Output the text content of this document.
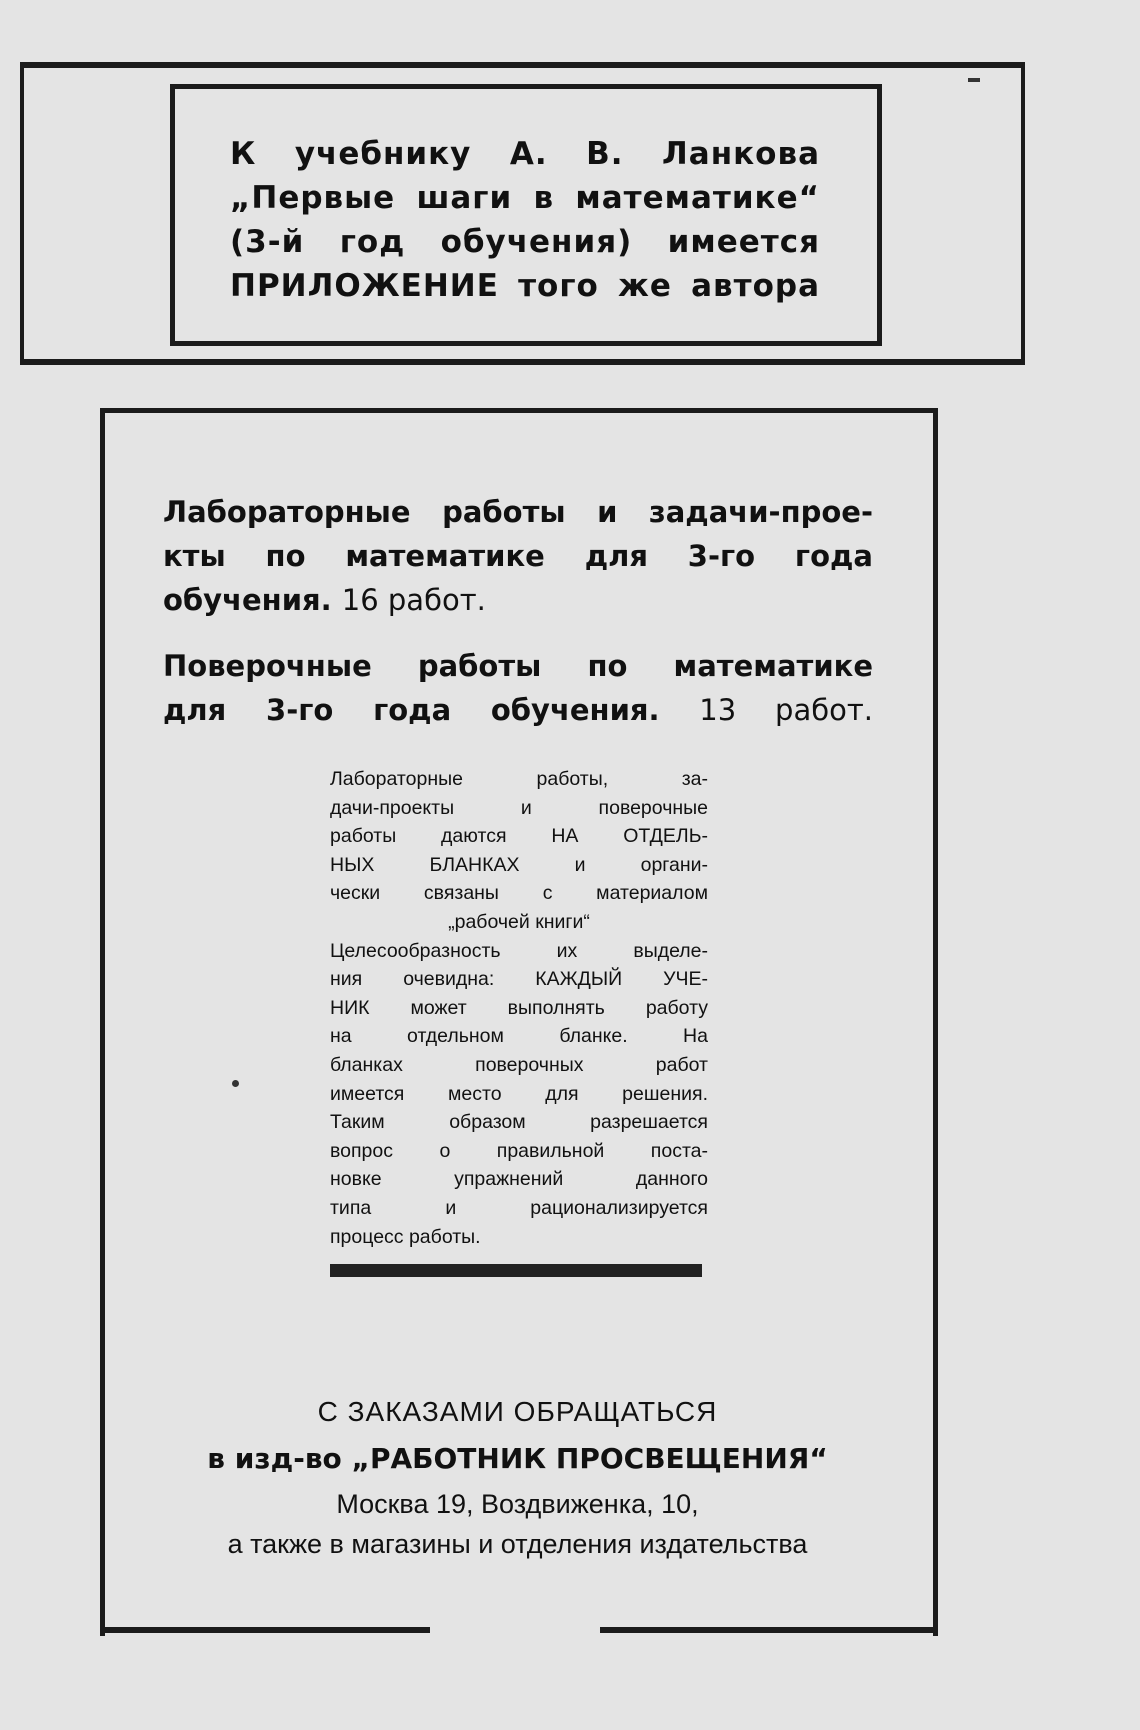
К учебнику А. В. Ланкова
„Первые шаги в математике“
(3-й год обучения) имеется
ПРИЛОЖЕНИЕ того же автора
Лабораторные работы и задачи-прое-
кты по математике для 3-го года
обучения. 16 работ.
Поверочные работы по математике
для 3-го года обучения. 13 работ.
Лабораторные работы, за-
дачи-проекты и поверочные
работы даются НА ОТДЕЛЬ-
НЫХ БЛАНКАХ и органи-
чески связаны с материалом
„рабочей книги“
Целесообразность их выделе-
ния очевидна: КАЖДЫЙ УЧЕ-
НИК может выполнять работу
на отдельном бланке. На
бланках поверочных работ
имеется место для решения.
Таким образом разрешается
вопрос о правильной поста-
новке упражнений данного
типа и рационализируется
процесс работы.
С ЗАКАЗАМИ ОБРАЩАТЬСЯ
в изд-во „РАБОТНИК ПРОСВЕЩЕНИЯ“
Москва 19, Воздвиженка, 10,
а также в магазины и отделения издательства
